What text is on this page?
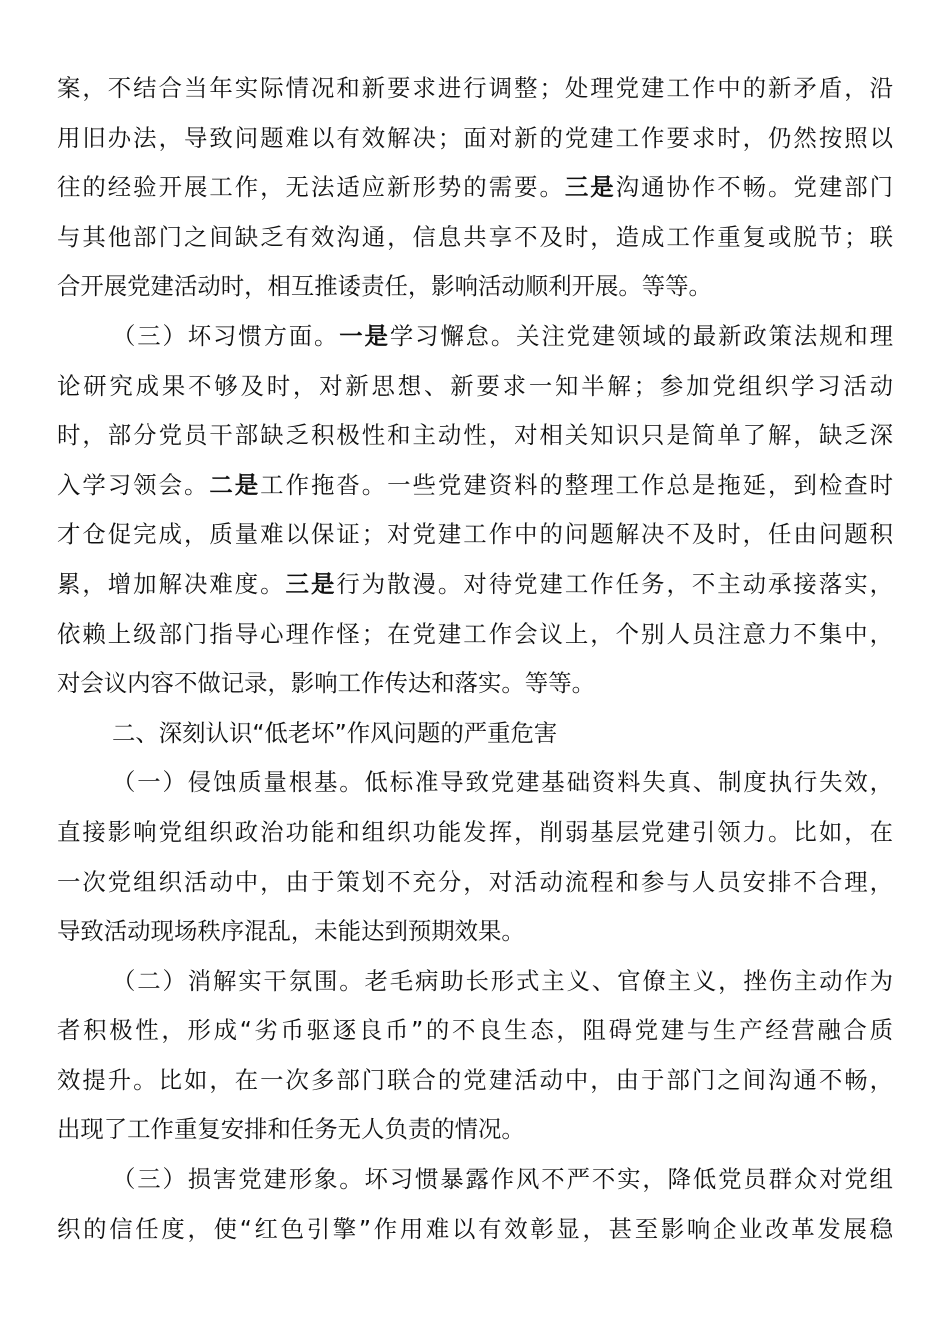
案，不结合当年实际情况和新要求进行调整；处理党建工作中的新矛盾，沿
用旧办法，导致问题难以有效解决；面对新的党建工作要求时，仍然按照以
往的经验开展工作，无法适应新形势的需要。三是沟通协作不畅。党建部门
与其他部门之间缺乏有效沟通，信息共享不及时，造成工作重复或脱节；联
合开展党建活动时，相互推诿责任，影响活动顺利开展。等等。
（三）坏习惯方面。一是学习懈怠。关注党建领域的最新政策法规和理
论研究成果不够及时，对新思想、新要求一知半解；参加党组织学习活动
时，部分党员干部缺乏积极性和主动性，对相关知识只是简单了解，缺乏深
入学习领会。二是工作拖沓。一些党建资料的整理工作总是拖延，到检查时
才仓促完成，质量难以保证；对党建工作中的问题解决不及时，任由问题积
累，增加解决难度。三是行为散漫。对待党建工作任务，不主动承接落实，
依赖上级部门指导心理作怪；在党建工作会议上，个别人员注意力不集中，
对会议内容不做记录，影响工作传达和落实。等等。
二、深刻认识“低老坏”作风问题的严重危害
（一）侵蚀质量根基。低标准导致党建基础资料失真、制度执行失效，
直接影响党组织政治功能和组织功能发挥，削弱基层党建引领力。比如，在
一次党组织活动中，由于策划不充分，对活动流程和参与人员安排不合理，
导致活动现场秩序混乱，未能达到预期效果。
（二）消解实干氛围。老毛病助长形式主义、官僚主义，挫伤主动作为
者积极性，形成“劣币驱逐良币”的不良生态，阻碍党建与生产经营融合质
效提升。比如，在一次多部门联合的党建活动中，由于部门之间沟通不畅，
出现了工作重复安排和任务无人负责的情况。
（三）损害党建形象。坏习惯暴露作风不严不实，降低党员群众对党组
织的信任度，使“红色引擎”作用难以有效彰显，甚至影响企业改革发展稳
